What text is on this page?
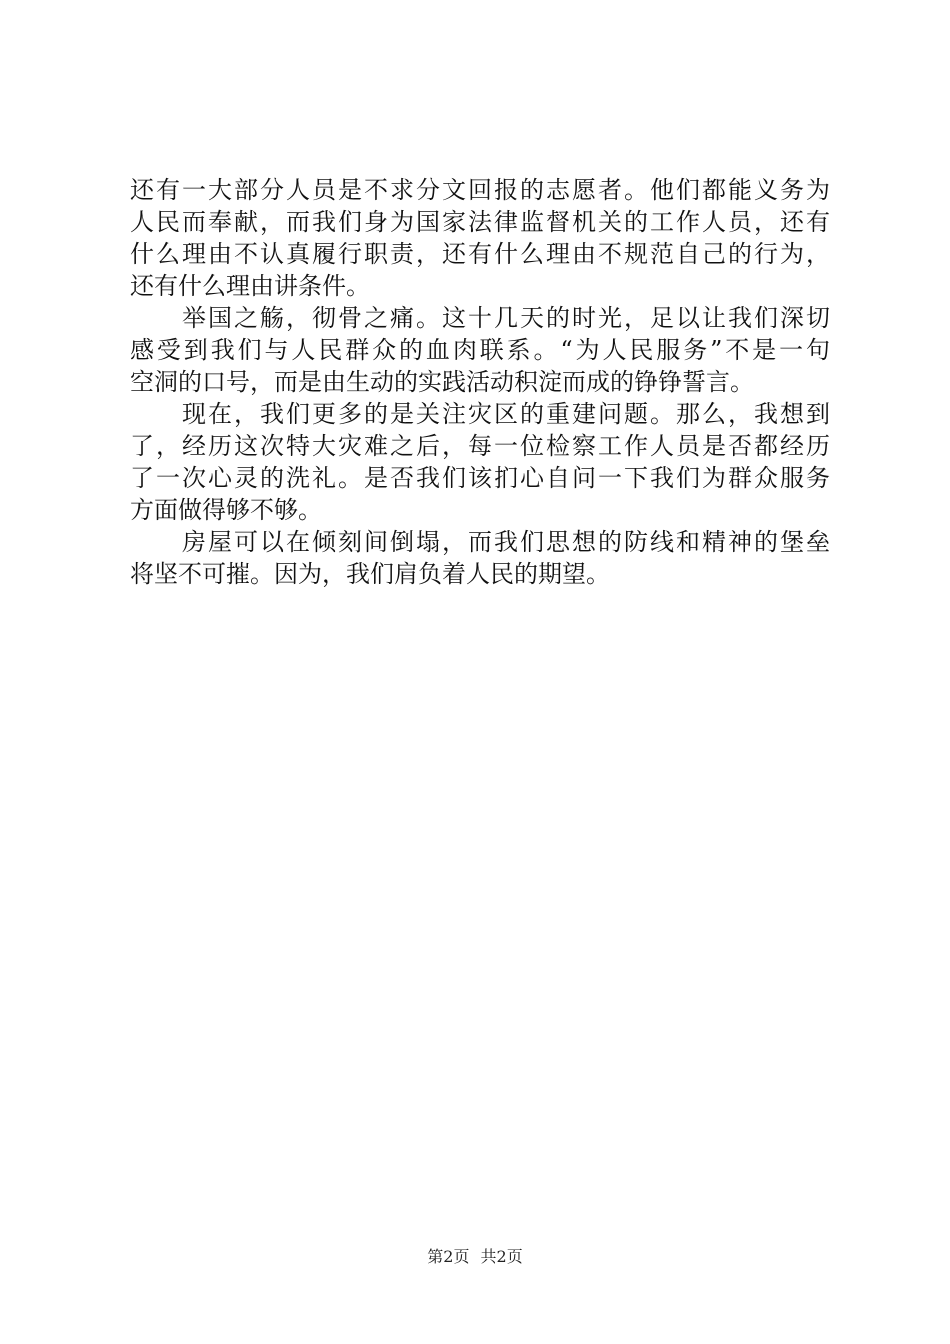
还有一大部分人员是不求分文回报的志愿者。他们都能义务为
人民而奉献，而我们身为国家法律监督机关的工作人员，还有
什么理由不认真履行职责，还有什么理由不规范自己的行为，
还有什么理由讲条件。
举国之觞，彻骨之痛。这十几天的时光，足以让我们深切
感受到我们与人民群众的血肉联系。“为人民服务”不是一句
空洞的口号，而是由生动的实践活动积淀而成的铮铮誓言。
现在，我们更多的是关注灾区的重建问题。那么，我想到
了，经历这次特大灾难之后，每一位检察工作人员是否都经历
了一次心灵的洗礼。是否我们该扪心自问一下我们为群众服务
方面做得够不够。
房屋可以在倾刻间倒塌，而我们思想的防线和精神的堡垒
将坚不可摧。因为，我们肩负着人民的期望。
第2页 共2页
